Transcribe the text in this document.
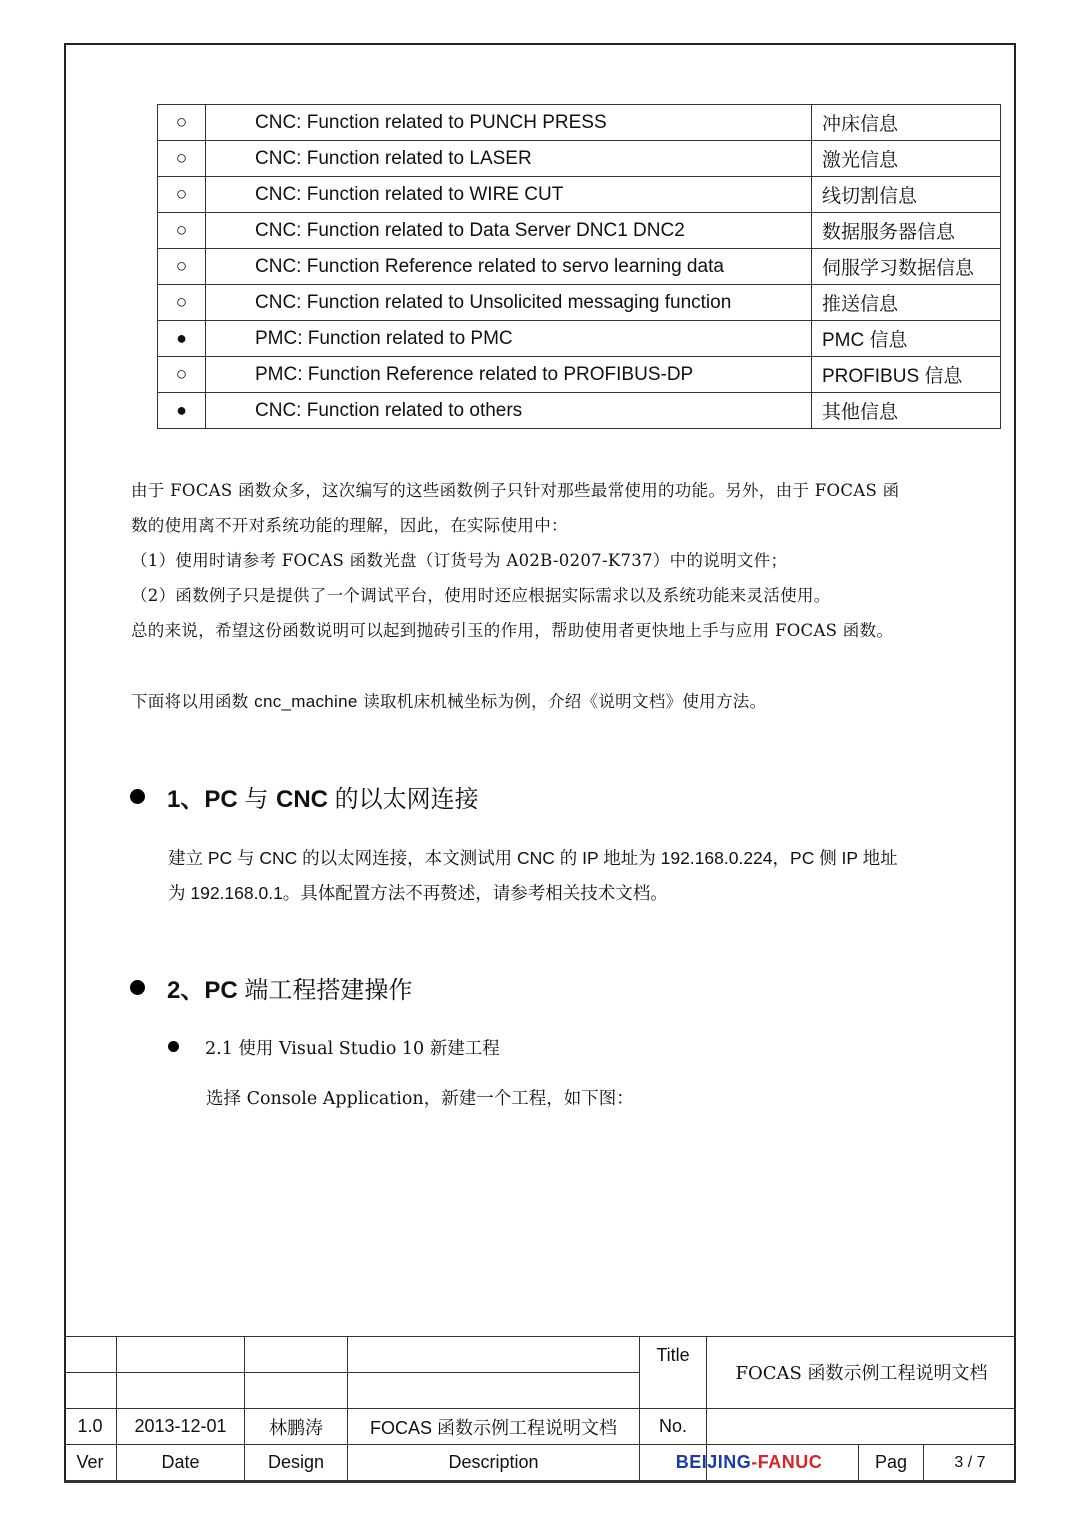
○	CNC: Function related to PUNCH PRESS	冲床信息
○	CNC: Function related to LASER	激光信息
○	CNC: Function related to WIRE CUT	线切割信息
○	CNC: Function related to Data Server DNC1 DNC2	数据服务器信息
○	CNC: Function Reference related to servo learning data	伺服学习数据信息
○	CNC: Function related to Unsolicited messaging function	推送信息
●	PMC: Function related to PMC	PMC 信息
○	PMC: Function Reference related to PROFIBUS-DP	PROFIBUS 信息
●	CNC: Function related to others	其他信息
由于 FOCAS 函数众多，这次编写的这些函数例子只针对那些最常使用的功能。另外，由于 FOCAS 函
数的使用离不开对系统功能的理解，因此，在实际使用中：
（1）使用时请参考 FOCAS 函数光盘（订货号为 A02B-0207-K737）中的说明文件；
（2）函数例子只是提供了一个调试平台，使用时还应根据实际需求以及系统功能来灵活使用。
总的来说，希望这份函数说明可以起到抛砖引玉的作用，帮助使用者更快地上手与应用 FOCAS 函数。
下面将以用函数 cnc_machine 读取机床机械坐标为例，介绍《说明文档》使用方法。
1、PC 与 CNC 的以太网连接
建立 PC 与 CNC 的以太网连接，本文测试用 CNC 的 IP 地址为 192.168.0.224，PC 侧 IP 地址
为 192.168.0.1。具体配置方法不再赘述，请参考相关技术文档。
2、PC 端工程搭建操作
2.1 使用 Visual Studio 10 新建工程
选择 Console Application，新建一个工程，如下图：
Title
FOCAS 函数示例工程说明文档
1.0	2013-12-01	林鹏涛	FOCAS 函数示例工程说明文档	No.
Ver	Date	Design	Description	BEIJING - FANUC	Pag	3 / 7
